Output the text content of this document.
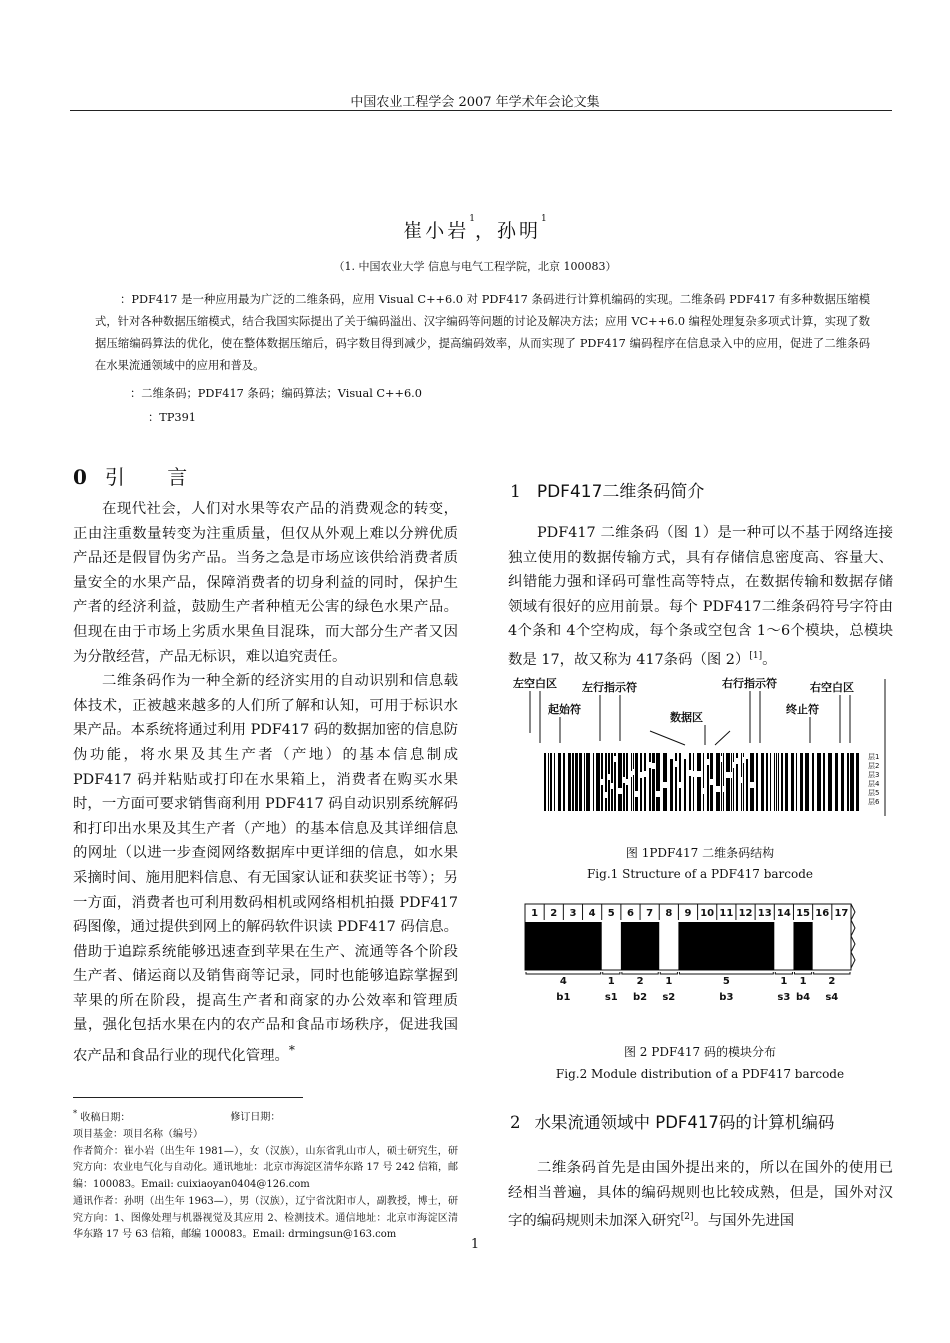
中国农业工程学会 2007 年学术年会论文集
崔小岩$^1$，孙明$^1$
（1. 中国农业大学 信息与电气工程学院，北京 100083）

：PDF417 是一种应用最为广泛的二维条码，应用 Visual C++6.0 对 PDF417 条码进行计算机编码的实现。二维条码 PDF417 有多种数据压缩模式，针对各种数据压缩模式，结合我国实际提出了关于编码溢出、汉字编码等问题的讨论及解决方法；应用 VC++6.0 编程处理复杂多项式计算，实现了数据压缩编码算法的优化，使在整体数据压缩后，码字数目得到减少，提高编码效率，从而实现了 PDF417 编码程序在信息录入中的应用，促进了二维条码在水果流通领域中的应用和普及。

：二维条码；PDF417 条码；编码算法；Visual C++6.0
：TP391
0 引 言

在现代社会，人们对水果等农产品的消费观念的转变，正由注重数量转变为注重质量，但仅从外观上难以分辨优质产品还是假冒伪劣产品。当务之急是市场应该供给消费者质量安全的水果产品，保障消费者的切身利益的同时，保护生产者的经济利益，鼓励生产者种植无公害的绿色水果产品。但现在由于市场上劣质水果鱼目混珠，而大部分生产者又因为分散经营，产品无标识，难以追究责任。

二维条码作为一种全新的经济实用的自动识别和信息载体技术，正被越来越多的人们所了解和认知，可用于标识水果产品。本系统将通过利用 PDF417 码的数据加密的信息防伪功能，将水果及其生产者（产地）的基本信息制成 PDF417 码并粘贴或打印在水果箱上，消费者在购买水果时，一方面可要求销售商利用 PDF417 码自动识别系统解码和打印出水果及其生产者（产地）的基本信息及其详细信息的网址（以进一步查阅网络数据库中更详细的信息，如水果采摘时间、施用肥料信息、有无国家认证和获奖证书等）；另一方面，消费者也可利用数码相机或网络相机拍摄 PDF417 码图像，通过提供到网上的解码软件识读 PDF417 码信息。借助于追踪系统能够迅速查到苹果在生产、流通等各个阶段生产者、储运商以及销售商等记录，同时也能够追踪掌握到苹果的所在阶段，提高生产者和商家的办公效率和管理质量，强化包括水果在内的农产品和食品市场秩序，促进我国农产品和食品行业的现代化管理。*

1 PDF417二维条码简介

PDF417 二维条码（图 1）是一种可以不基于网络连接独立使用的数据传输方式，具有存储信息密度高、容量大、纠错能力强和译码可靠性高等特点，在数据传输和数据存储领域有很好的应用前景。每个 PDF417二维条码符号字符由 4个条和 4个空构成，每个条或空包含 1～6个模块，总模块数是 17，故又称为 417条码（图 2）[1]。

左空白区 左行指示符
起始符
数据区
右行指示符
终止符
右空白区
层1
层2
层3
层4
层5
层6
图 1PDF417 二维条码结构
Fig.1 Structure of a PDF417 barcode
1 2 3 4 5 6 7 8 9 10 11 12 13 14 15 16 17
4	1 2 1	5	1 1 2
b1	s1 b2 s2	b3	s3 b4 s4
图 2 PDF417 码的模块分布
Fig.2 Module distribution of a PDF417 barcode
2 水果流通领域中 PDF417码的计算机编码

二维条码首先是由国外提出来的，所以在国外的使用已经相当普遍，具体的编码规则也比较成熟，但是，国外对汉字的编码规则未加深入研究[2]。与国外先进国

* 收稿日期：	修订日期：

项目基金：项目名称（编号）

作者简介：崔小岩（出生年 1981—），女（汉族），山东省乳山市人，硕士研究生，研究方向：农业电气化与自动化。通讯地址：北京市海淀区清华东路 17 号 242 信箱，邮编：100083。Email: cuixiaoyan0404@126.com

通讯作者：孙明（出生年 1963—），男（汉族），辽宁省沈阳市人，副教授，博士，研究方向：1、图像处理与机器视觉及其应用 2、检测技术。通信地址：北京市海淀区清华东路 17 号 63 信箱，邮编 100083。Email: drmingsun@163.com

1
